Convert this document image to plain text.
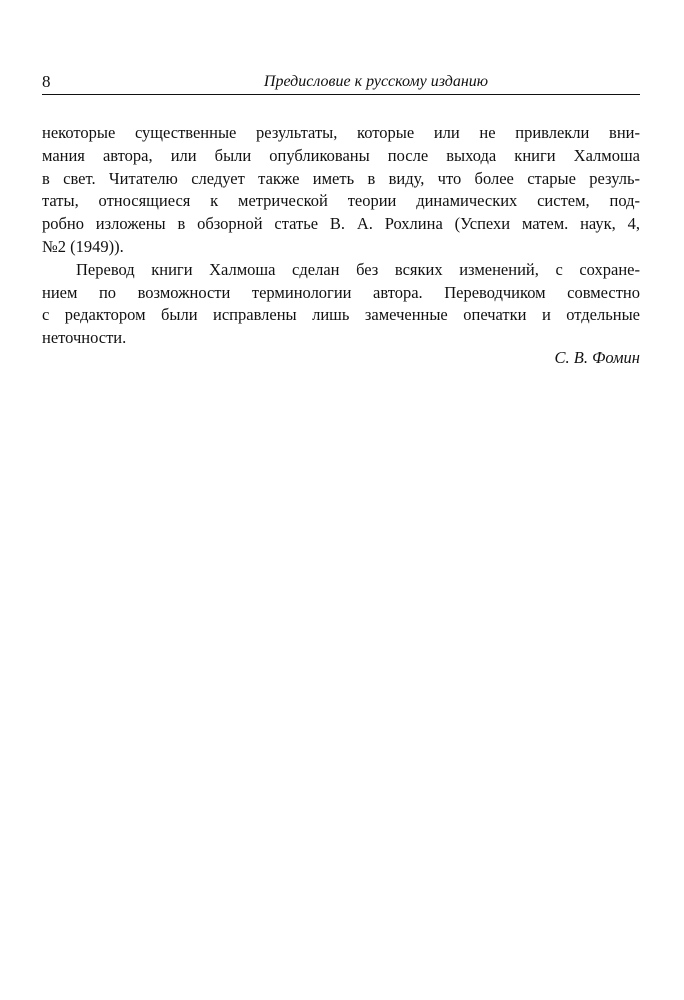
8	Предисловие к русскому изданию
некоторые существенные результаты, которые или не привлекли вни-
мания автора, или были опубликованы после выхода книги Халмоша
в свет. Читателю следует также иметь в виду, что более старые резуль-
таты, относящиеся к метрической теории динамических систем, под-
робно изложены в обзорной статье В. А. Рохлина (Успехи матем. наук, 4,
№2 (1949)).
Перевод книги Халмоша сделан без всяких изменений, с сохране-
нием по возможности терминологии автора. Переводчиком совместно
с редактором были исправлены лишь замеченные опечатки и отдельные
неточности.
С. В. Фомин
